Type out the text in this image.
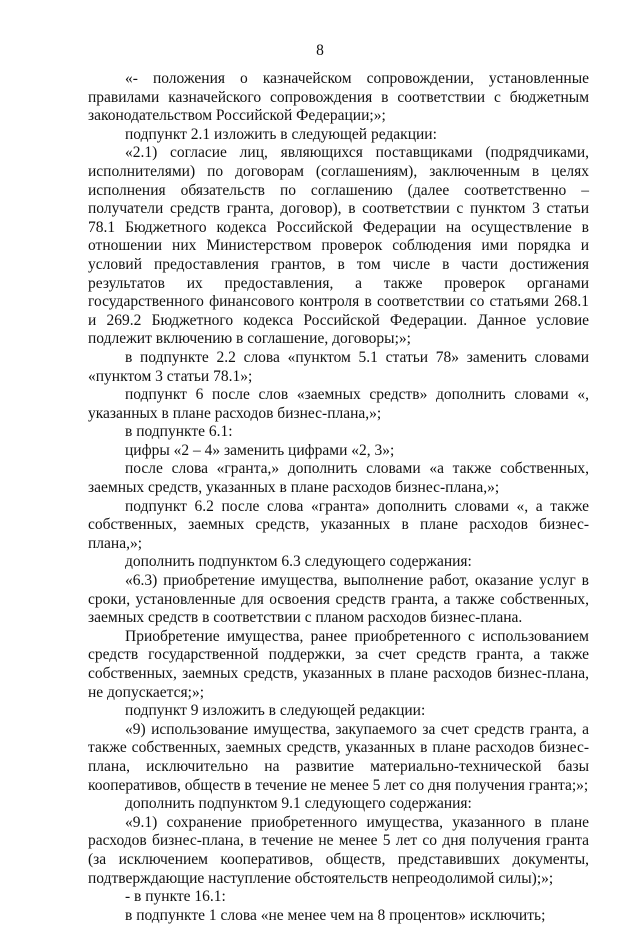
8

«- положения о казначейском сопровождении, установленные правилами казначейского сопровождения в соответствии с бюджетным законодательством Российской Федерации;»;

подпункт 2.1 изложить в следующей редакции:

«2.1) согласие лиц, являющихся поставщиками (подрядчиками, исполнителями) по договорам (соглашениям), заключенным в целях исполнения обязательств по соглашению (далее соответственно – получатели средств гранта, договор), в соответствии с пунктом 3 статьи 78.1 Бюджетного кодекса Российской Федерации на осуществление в отношении них Министерством проверок соблюдения ими порядка и условий предоставления грантов, в том числе в части достижения результатов их предоставления, а также проверок органами государственного финансового контроля в соответствии со статьями 268.1 и 269.2 Бюджетного кодекса Российской Федерации. Данное условие подлежит включению в соглашение, договоры;»;

в подпункте 2.2 слова «пунктом 5.1 статьи 78» заменить словами «пунктом 3 статьи 78.1»;

подпункт 6 после слов «заемных средств» дополнить словами «, указанных в плане расходов бизнес-плана,»;

в подпункте 6.1:

цифры «2 – 4» заменить цифрами «2, 3»;

после слова «гранта,» дополнить словами «а также собственных, заемных средств, указанных в плане расходов бизнес-плана,»;

подпункт 6.2 после слова «гранта» дополнить словами «, а также собственных, заемных средств, указанных в плане расходов бизнес-плана,»;

дополнить подпунктом 6.3 следующего содержания:

«6.3) приобретение имущества, выполнение работ, оказание услуг в сроки, установленные для освоения средств гранта, а также собственных, заемных средств в соответствии с планом расходов бизнес-плана.

Приобретение имущества, ранее приобретенного с использованием средств государственной поддержки, за счет средств гранта, а также собственных, заемных средств, указанных в плане расходов бизнес-плана, не допускается;»;

подпункт 9 изложить в следующей редакции:

«9) использование имущества, закупаемого за счет средств гранта, а также собственных, заемных средств, указанных в плане расходов бизнес-плана, исключительно на развитие материально-технической базы кооперативов, обществ в течение не менее 5 лет со дня получения гранта;»;

дополнить подпунктом 9.1 следующего содержания:

«9.1) сохранение приобретенного имущества, указанного в плане расходов бизнес-плана, в течение не менее 5 лет со дня получения гранта (за исключением кооперативов, обществ, представивших документы, подтверждающие наступление обстоятельств непреодолимой силы);»;

- в пункте 16.1:

в подпункте 1 слова «не менее чем на 8 процентов» исключить;
